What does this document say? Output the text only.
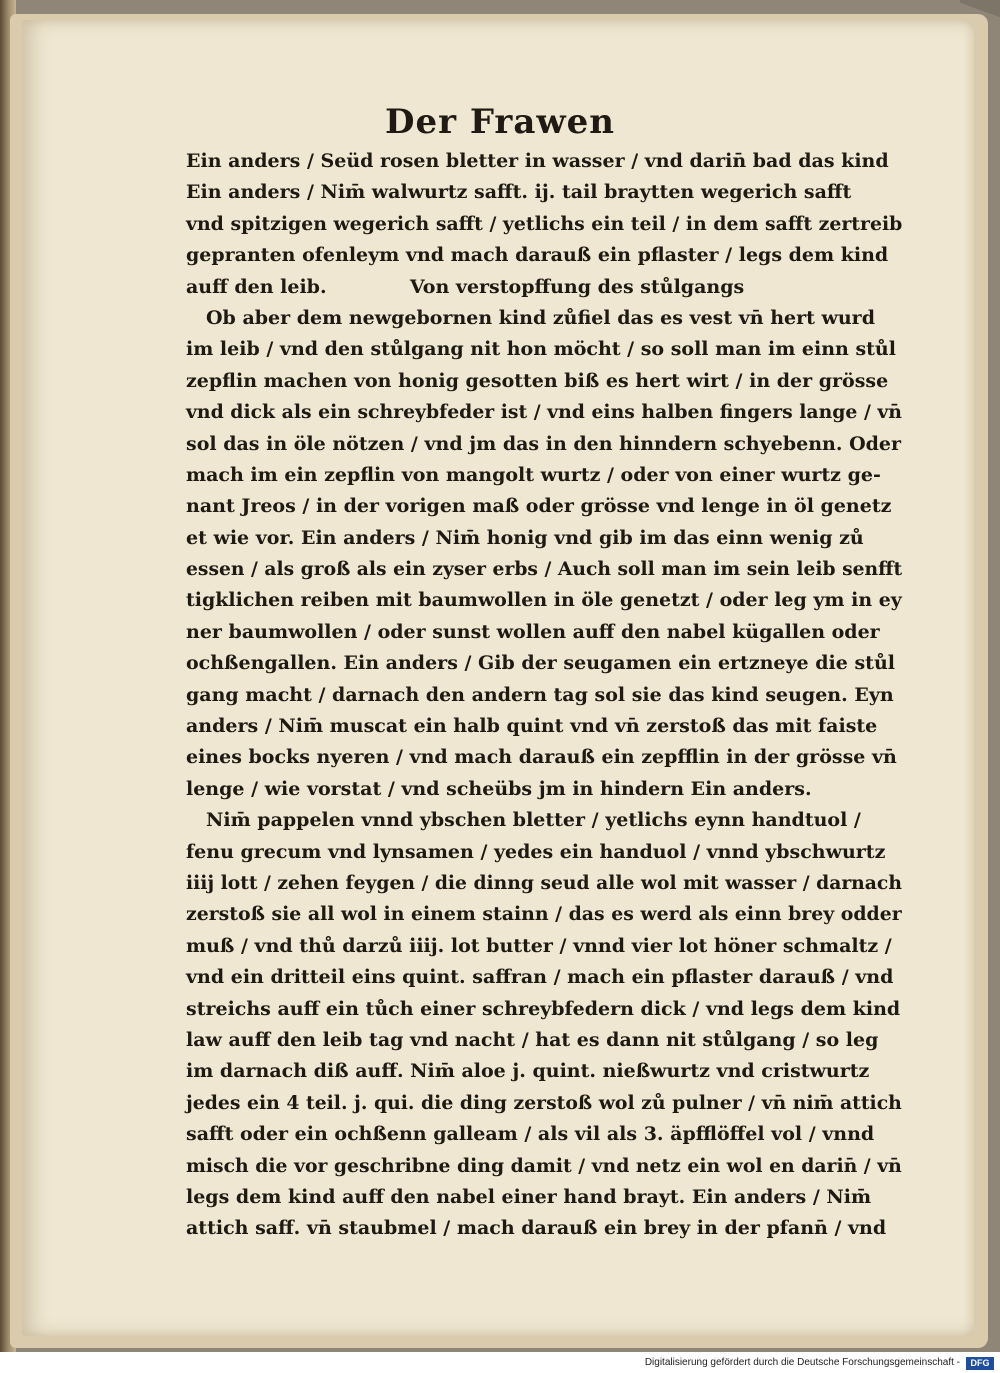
Der Frawen
Ein anders / Seüd rosen bletter in wasser / vnd darin̄ bad das kind
Ein anders / Nim̄ walwurtz safft. ij. tail braytten wegerich safft
vnd spitzigen wegerich safft / yetlichs ein teil / in dem safft zertreib
gepranten ofenleym vnd mach darauß ein pflaster / legs dem kind
auff den leib.	Von verstopffung des stůlgangs
Ob aber dem newgebornen kind zůfiel das es vest vn̄ hert wurd
im leib / vnd den stůlgang nit hon möcht / so soll man im einn stůl
zepflin machen von honig gesotten biß es hert wirt / in der grösse
vnd dick als ein schreybfeder ist / vnd eins halben fingers lange / vn̄
sol das in öle nötzen / vnd jm das in den hinndern schyebenn. Oder
mach im ein zepflin von mangolt wurtz / oder von einer wurtz ge-
nant Jreos / in der vorigen maß oder grösse vnd lenge in öl genetz
et wie vor. Ein anders / Nim̄ honig vnd gib im das einn wenig zů
essen / als groß als ein zyser erbs / Auch soll man im sein leib senfft
tigklichen reiben mit baumwollen in öle genetzt / oder leg ym in ey
ner baumwollen / oder sunst wollen auff den nabel kügallen oder
ochßengallen. Ein anders / Gib der seugamen ein ertzneye die stůl
gang macht / darnach den andern tag sol sie das kind seugen. Eyn
anders / Nim̄ muscat ein halb quint vnd vn̄ zerstoß das mit faiste
eines bocks nyeren / vnd mach darauß ein zepfflin in der grösse vn̄
lenge / wie vorstat / vnd scheübs jm in hindern Ein anders.
Nim̄ pappelen vnnd ybschen bletter / yetlichs eynn handtuol /
fenu grecum vnd lynsamen / yedes ein handuol / vnnd ybschwurtz
iiij lott / zehen feygen / die dinng seud alle wol mit wasser / darnach
zerstoß sie all wol in einem stainn / das es werd als einn brey odder
muß / vnd thů darzů iiij. lot butter / vnnd vier lot höner schmaltz /
vnd ein dritteil eins quint. saffran / mach ein pflaster darauß / vnd
streichs auff ein tůch einer schreybfedern dick / vnd legs dem kind
law auff den leib tag vnd nacht / hat es dann nit stůlgang / so leg
im darnach diß auff. Nim̄ aloe j. quint. nießwurtz vnd cristwurtz
jedes ein 4 teil. j. qui. die ding zerstoß wol zů pulner / vn̄ nim̄ attich
safft oder ein ochßenn galleam / als vil als 3. äpfflöffel vol / vnnd
misch die vor geschribne ding damit / vnd netz ein wol en darin̄ / vn̄
legs dem kind auff den nabel einer hand brayt. Ein anders / Nim̄
attich saff. vn̄ staubmel / mach darauß ein brey in der pfann̄ / vnd
Digitalisierung gefördert durch die Deutsche Forschungsgemeinschaft -	DFG
